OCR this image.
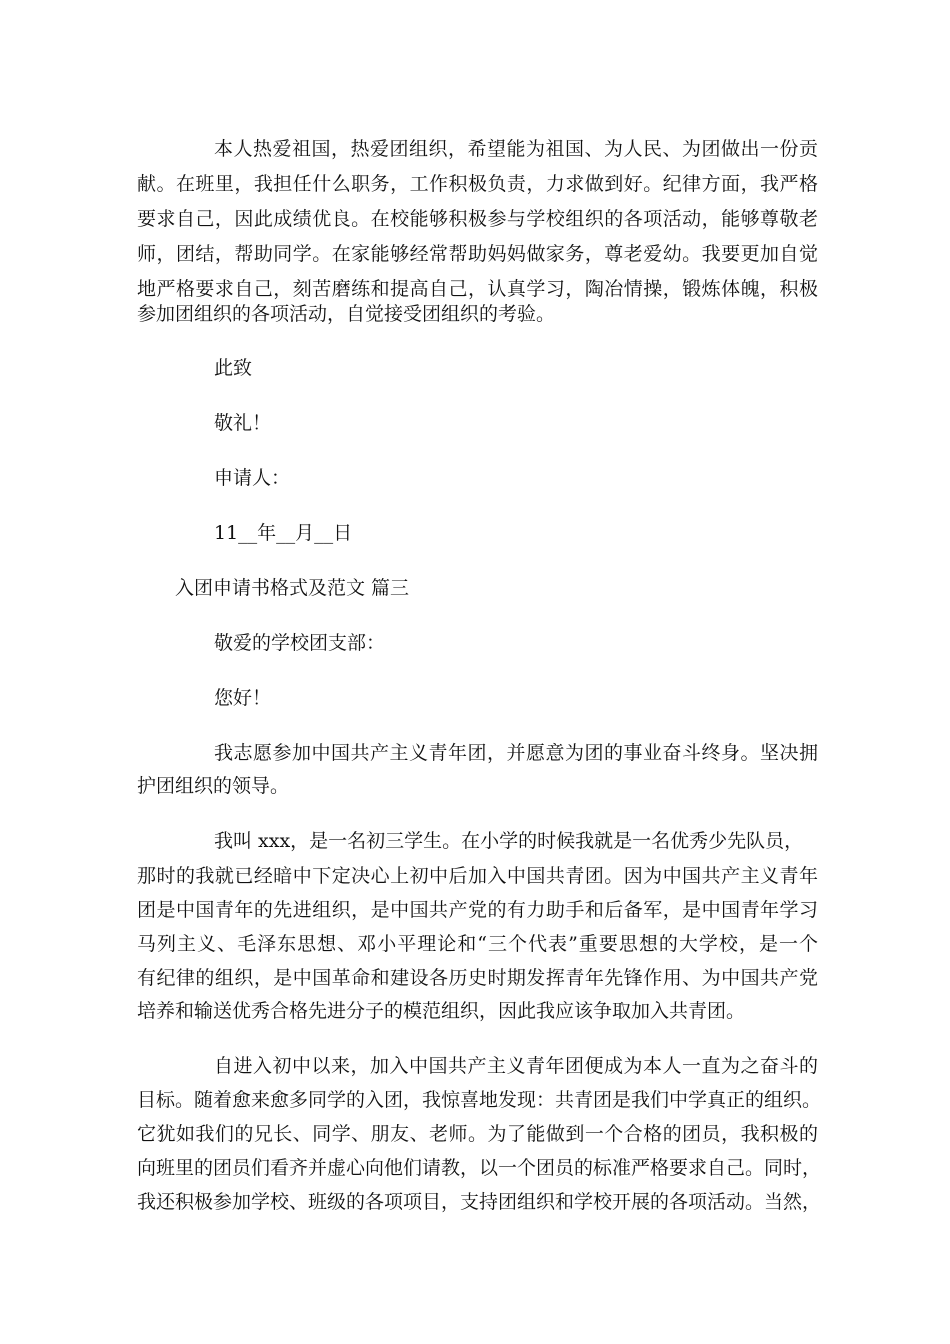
本人热爱祖国，热爱团组织，希望能为祖国、为人民、为团做出一份贡
献。在班里，我担任什么职务，工作积极负责，力求做到好。纪律方面，我严格
要求自己，因此成绩优良。在校能够积极参与学校组织的各项活动，能够尊敬老
师，团结，帮助同学。在家能够经常帮助妈妈做家务，尊老爱幼。我要更加自觉
地严格要求自己，刻苦磨练和提高自己，认真学习，陶冶情操，锻炼体魄，积极
参加团组织的各项活动，自觉接受团组织的考验。
此致
敬礼！
申请人：
11__年__月__日
入团申请书格式及范文 篇三
敬爱的学校团支部：
您好！
我志愿参加中国共产主义青年团，并愿意为团的事业奋斗终身。坚决拥
护团组织的领导。
我叫 xxx，是一名初三学生。在小学的时候我就是一名优秀少先队员，
那时的我就已经暗中下定决心上初中后加入中国共青团。因为中国共产主义青年
团是中国青年的先进组织，是中国共产党的有力助手和后备军，是中国青年学习
马列主义、毛泽东思想、邓小平理论和“三个代表”重要思想的大学校，是一个
有纪律的组织，是中国革命和建设各历史时期发挥青年先锋作用、为中国共产党
培养和输送优秀合格先进分子的模范组织，因此我应该争取加入共青团。
自进入初中以来，加入中国共产主义青年团便成为本人一直为之奋斗的
目标。随着愈来愈多同学的入团，我惊喜地发现：共青团是我们中学真正的组织。
它犹如我们的兄长、同学、朋友、老师。为了能做到一个合格的团员，我积极的
向班里的团员们看齐并虚心向他们请教，以一个团员的标准严格要求自己。同时，
我还积极参加学校、班级的各项项目，支持团组织和学校开展的各项活动。当然，
